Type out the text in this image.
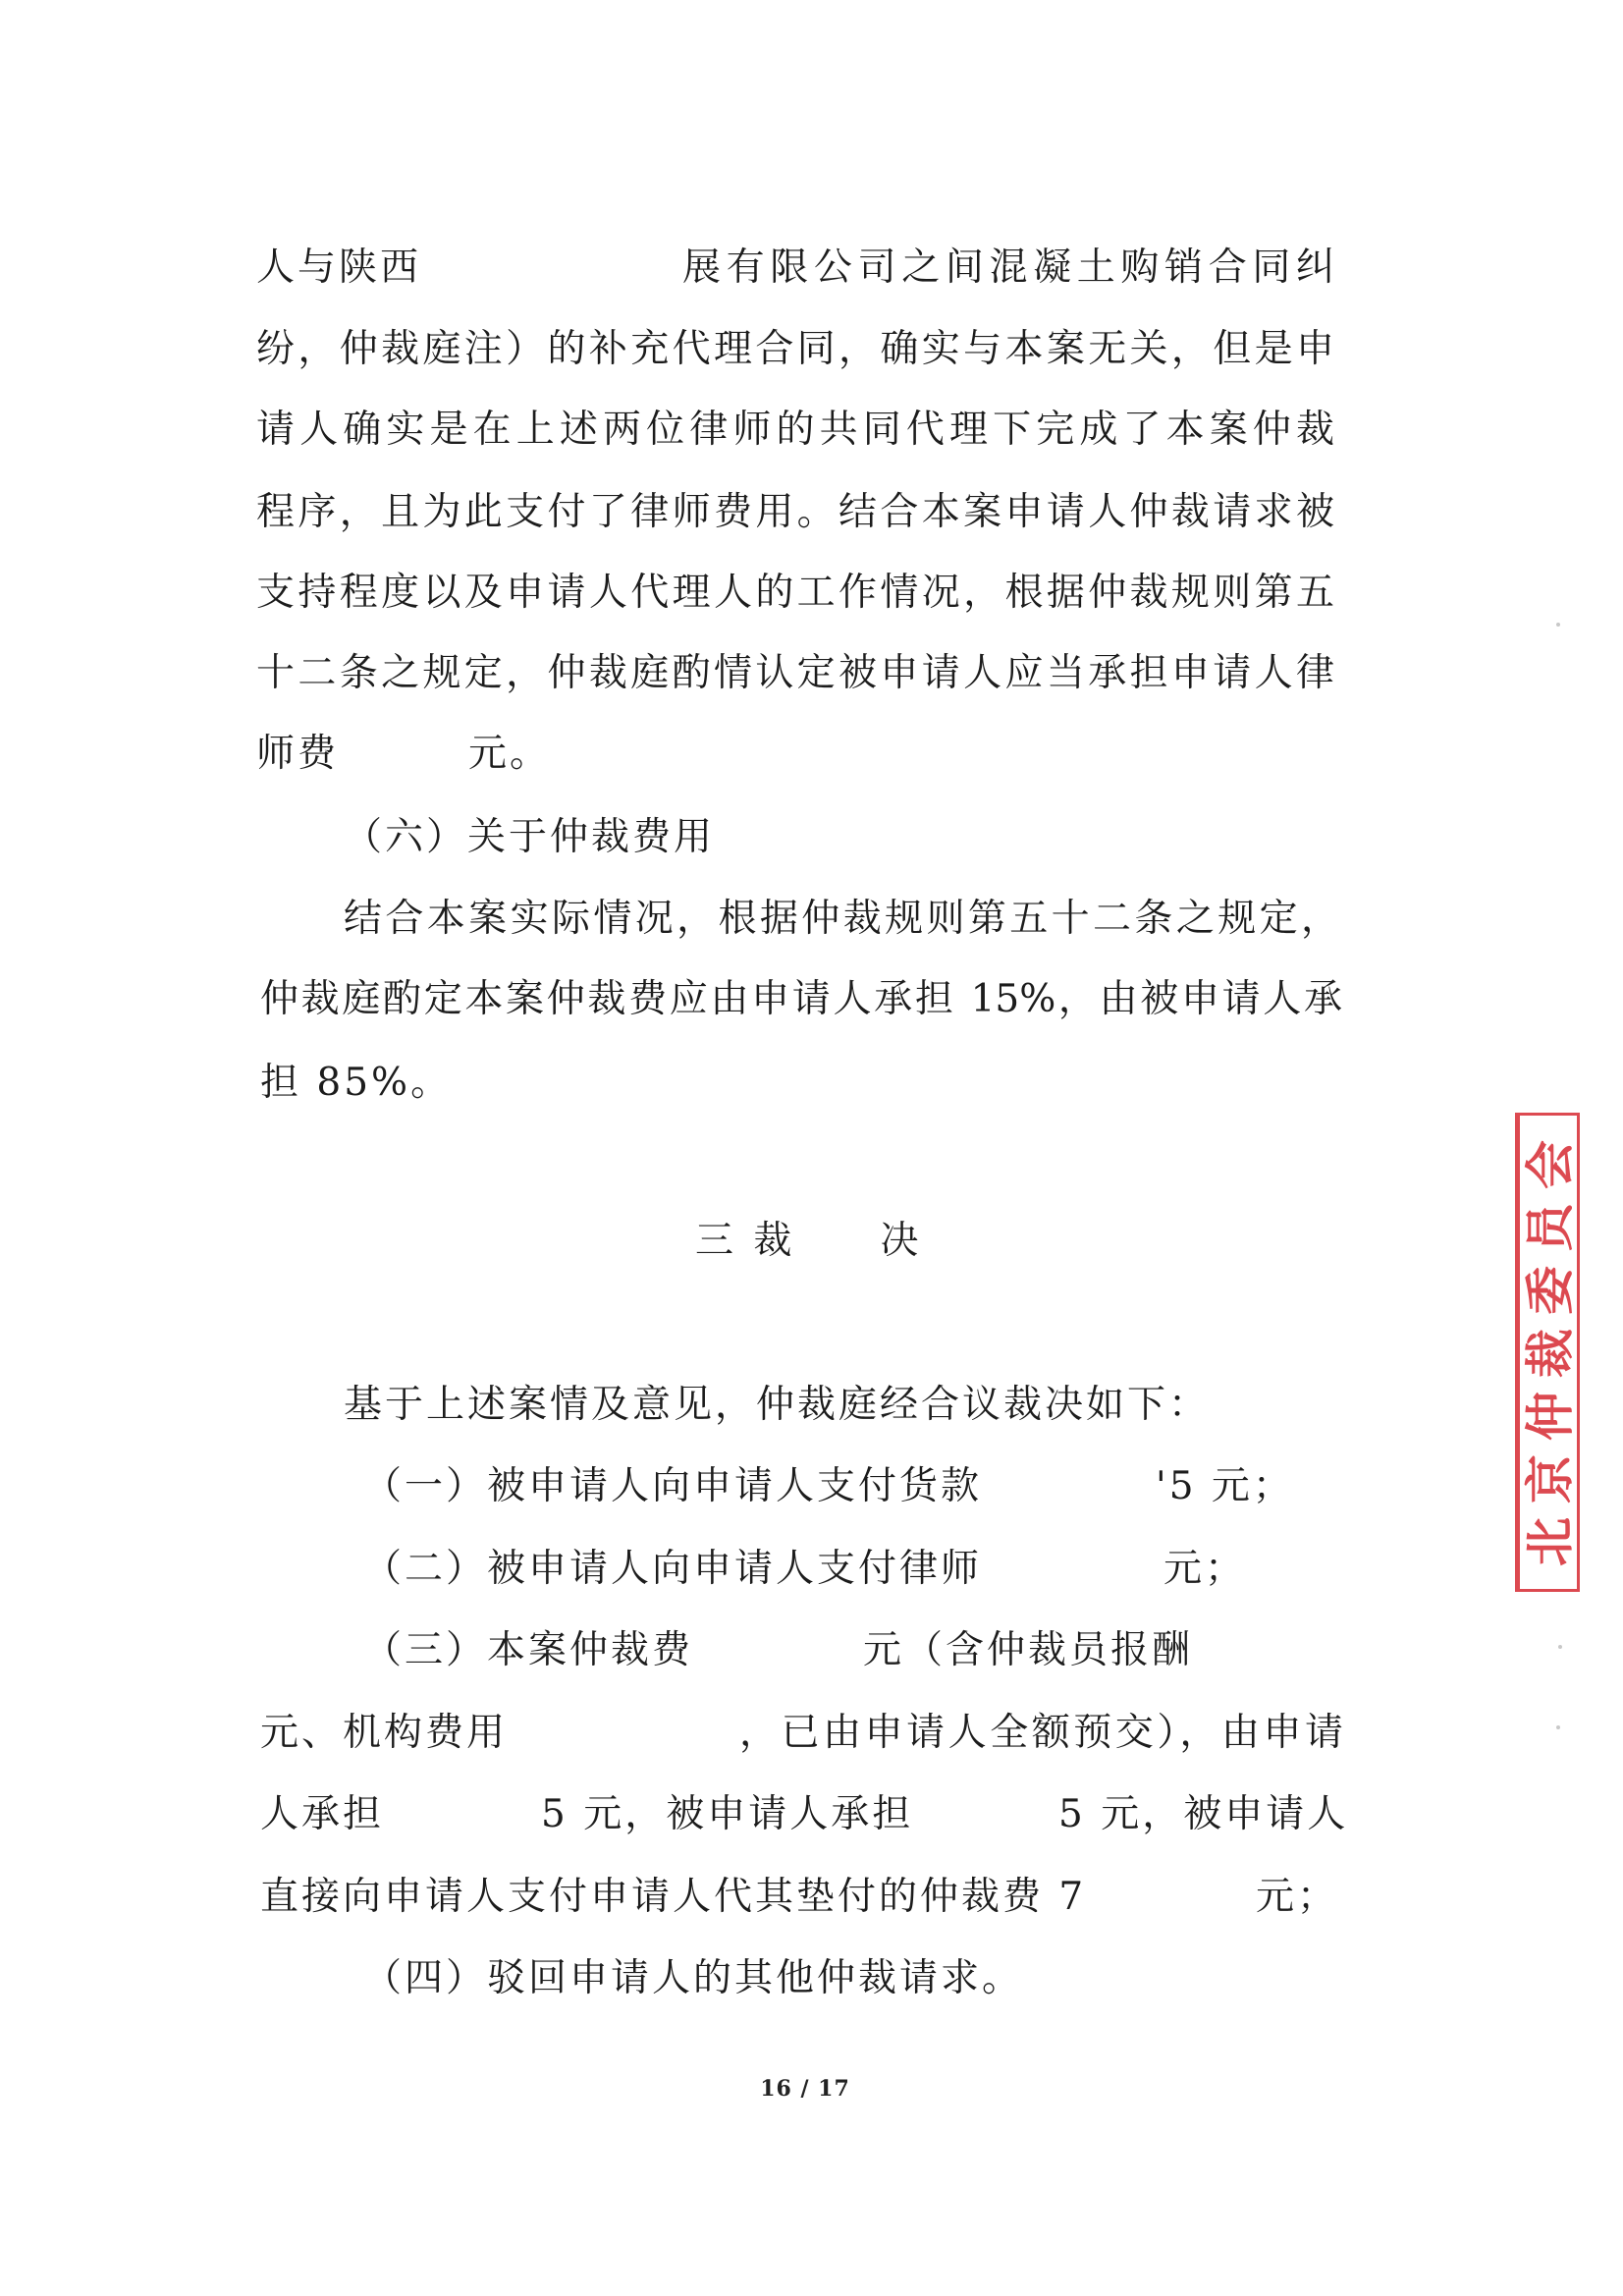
人与陕西

	展有限公司之间混凝土购销合同纠

纷，仲裁庭注）的补充代理合同，确实与本案无关，但是申
请人确实是在上述两位律师的共同代理下完成了本案仲裁
程序，且为此支付了律师费用。结合本案申请人仲裁请求被
支持程度以及申请人代理人的工作情况，根据仲裁规则第五
十二条之规定，仲裁庭酌情认定被申请人应当承担申请人律

师费

	元。

（六）关于仲裁费用
结合本案实际情况，根据仲裁规则第五十二条之规定，
仲裁庭酌定本案仲裁费应由申请人承担 15%，由被申请人承
担 85%。
三 裁　　决
基于上述案情及意见，仲裁庭经合议裁决如下：

（一）被申请人向申请人支付货款

	'5 元；

（二）被申请人向申请人支付律师

	元；

（三）本案仲裁费

	元（含仲裁员报酬

元、机构费用

	，已由申请人全额预交），由申请

人承担

	5 元，被申请人承担

	5 元，被申请人

直接向申请人支付申请人代其垫付的仲裁费 7

	元；

（四）驳回申请人的其他仲裁请求。
16 / 17
北京仲裁委员会
